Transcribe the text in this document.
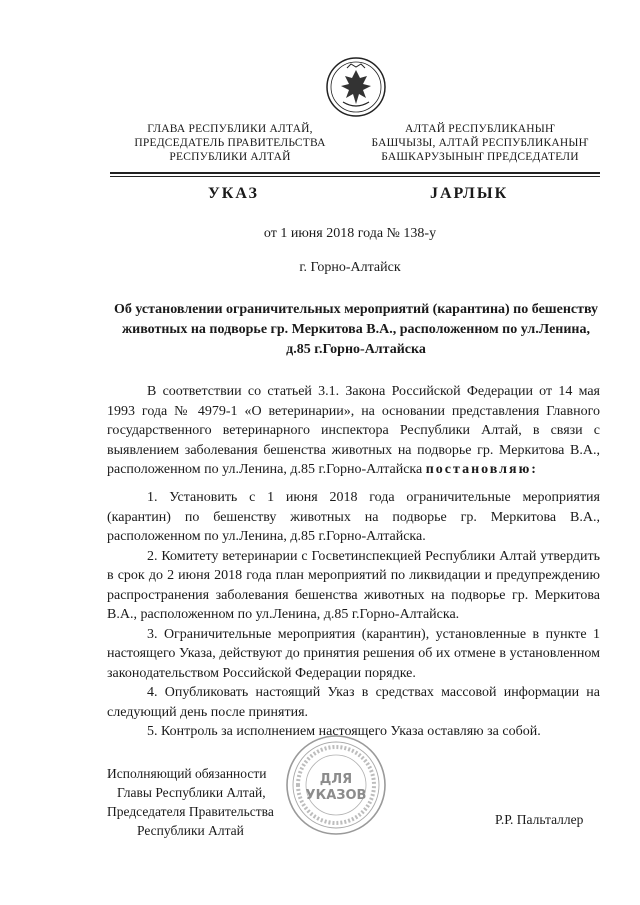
ГЛАВА РЕСПУБЛИКИ АЛТАЙ,
ПРЕДСЕДАТЕЛЬ ПРАВИТЕЛЬСТВА
РЕСПУБЛИКИ АЛТАЙ
АЛТАЙ РЕСПУБЛИКАНЫҤ
БАШЧЫЗЫ, АЛТАЙ РЕСПУБЛИКАНЫҤ
БАШКАРУЗЫНЫҤ ПРЕДСЕДАТЕЛИ
УКАЗ	ЈАРЛЫК
от 1 июня 2018 года № 138-у
г. Горно-Алтайск
Об установлении ограничительных мероприятий (карантина) по бешенству животных на подворье гр. Меркитова В.А., расположенном по ул.Ленина, д.85 г.Горно-Алтайска

В соответствии со статьей 3.1. Закона Российской Федерации от 14 мая 1993 года № 4979-1 «О ветеринарии», на основании представления Главного государственного ветеринарного инспектора Республики Алтай, в связи с выявлением заболевания бешенства животных на подворье гр. Меркитова В.А., расположенном по ул.Ленина, д.85 г.Горно-Алтайска постановляю:

1. Установить с 1 июня 2018 года ограничительные мероприятия (карантин) по бешенству животных на подворье гр. Меркитова В.А., расположенном по ул.Ленина, д.85 г.Горно-Алтайска.

2. Комитету ветеринарии с Госветинспекцией Республики Алтай утвердить в срок до 2 июня 2018 года план мероприятий по ликвидации и предупреждению распространения заболевания бешенства животных на подворье гр. Меркитова В.А., расположенном по ул.Ленина, д.85 г.Горно-Алтайска.

3. Ограничительные мероприятия (карантин), установленные в пункте 1 настоящего Указа, действуют до принятия решения об их отмене в установленном законодательством Российской Федерации порядке.

4. Опубликовать настоящий Указ в средствах массовой информации на следующий день после принятия.

5. Контроль за исполнением настоящего Указа оставляю за собой.

Исполняющий обязанности
Главы Республики Алтай,
Председателя Правительства
Республики Алтай
ДЛЯ
УКАЗОВ
Р.Р. Пальталлер
